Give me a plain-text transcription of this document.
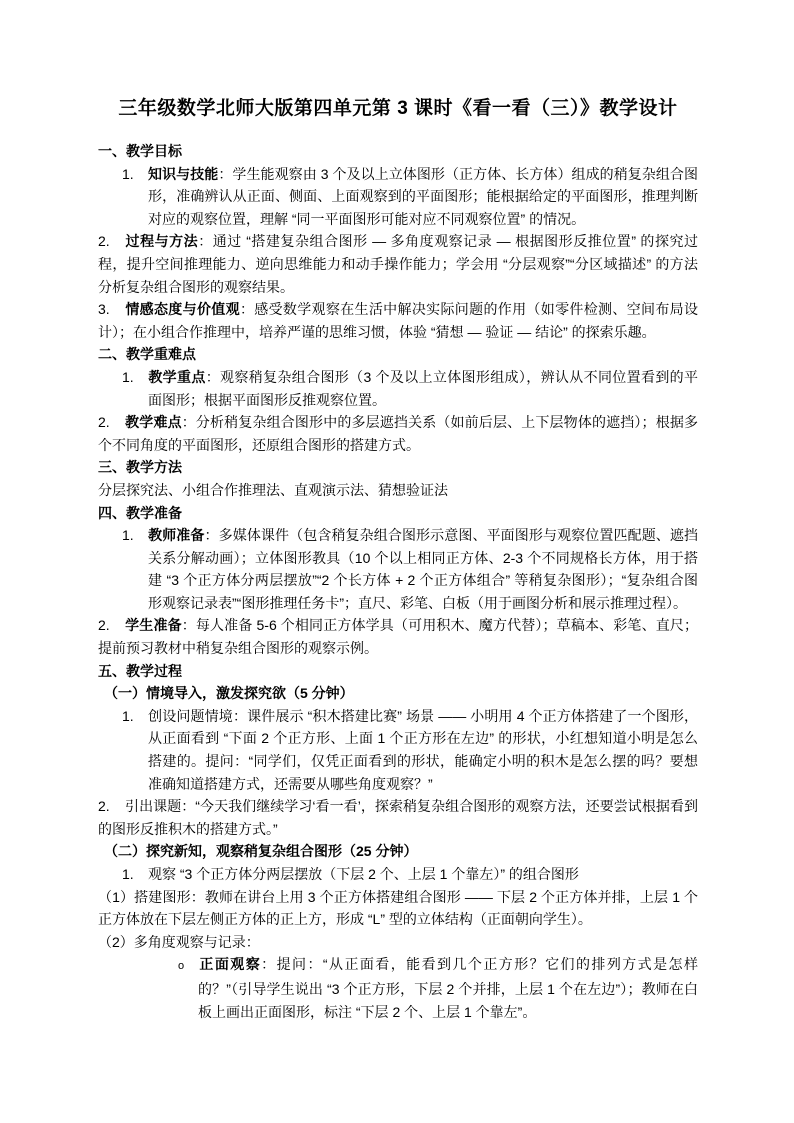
三年级数学北师大版第四单元第 3 课时《看一看（三）》教学设计
一、教学目标
1. 知识与技能：学生能观察由 3 个及以上立体图形（正方体、长方体）组成的稍复杂组合图形，准确辨认从正面、侧面、上面观察到的平面图形；能根据给定的平面图形，推理判断对应的观察位置，理解 “同一平面图形可能对应不同观察位置” 的情况。
2. 过程与方法：通过 “搭建复杂组合图形 — 多角度观察记录 — 根据图形反推位置” 的探究过程，提升空间推理能力、逆向思维能力和动手操作能力；学会用 “分层观察”“分区域描述” 的方法分析复杂组合图形的观察结果。
3. 情感态度与价值观：感受数学观察在生活中解决实际问题的作用（如零件检测、空间布局设计）；在小组合作推理中，培养严谨的思维习惯，体验 “猜想 — 验证 — 结论” 的探索乐趣。
二、教学重难点
1. 教学重点：观察稍复杂组合图形（3 个及以上立体图形组成），辨认从不同位置看到的平面图形；根据平面图形反推观察位置。
2. 教学难点：分析稍复杂组合图形中的多层遮挡关系（如前后层、上下层物体的遮挡）；根据多个不同角度的平面图形，还原组合图形的搭建方式。
三、教学方法
分层探究法、小组合作推理法、直观演示法、猜想验证法
四、教学准备
1. 教师准备：多媒体课件（包含稍复杂组合图形示意图、平面图形与观察位置匹配题、遮挡关系分解动画）；立体图形教具（10 个以上相同正方体、2-3 个不同规格长方体，用于搭建 “3 个正方体分两层摆放”“2 个长方体 + 2 个正方体组合” 等稍复杂图形）；“复杂组合图形观察记录表”“图形推理任务卡”；直尺、彩笔、白板（用于画图分析和展示推理过程）。
2. 学生准备：每人准备 5-6 个相同正方体学具（可用积木、魔方代替）；草稿本、彩笔、直尺；提前预习教材中稍复杂组合图形的观察示例。
五、教学过程
（一）情境导入，激发探究欲（5 分钟）
1. 创设问题情境：课件展示 “积木搭建比赛” 场景 —— 小明用 4 个正方体搭建了一个图形，从正面看到 “下面 2 个正方形、上面 1 个正方形在左边” 的形状，小红想知道小明是怎么搭建的。提问：“同学们，仅凭正面看到的形状，能确定小明的积木是怎么摆的吗？要想准确知道搭建方式，还需要从哪些角度观察？”
2. 引出课题：“今天我们继续学习‘看一看’，探索稍复杂组合图形的观察方法，还要尝试根据看到的图形反推积木的搭建方式。”
（二）探究新知，观察稍复杂组合图形（25 分钟）
1. 观察 “3 个正方体分两层摆放（下层 2 个、上层 1 个靠左）” 的组合图形
（1）搭建图形：教师在讲台上用 3 个正方体搭建组合图形 —— 下层 2 个正方体并排，上层 1 个正方体放在下层左侧正方体的正上方，形成 “L” 型的立体结构（正面朝向学生）。
（2）多角度观察与记录：
o 正面观察：提问：“从正面看，能看到几个正方形？它们的排列方式是怎样的？”（引导学生说出 “3 个正方形，下层 2 个并排，上层 1 个在左边”）；教师在白板上画出正面图形，标注 “下层 2 个、上层 1 个靠左”。
